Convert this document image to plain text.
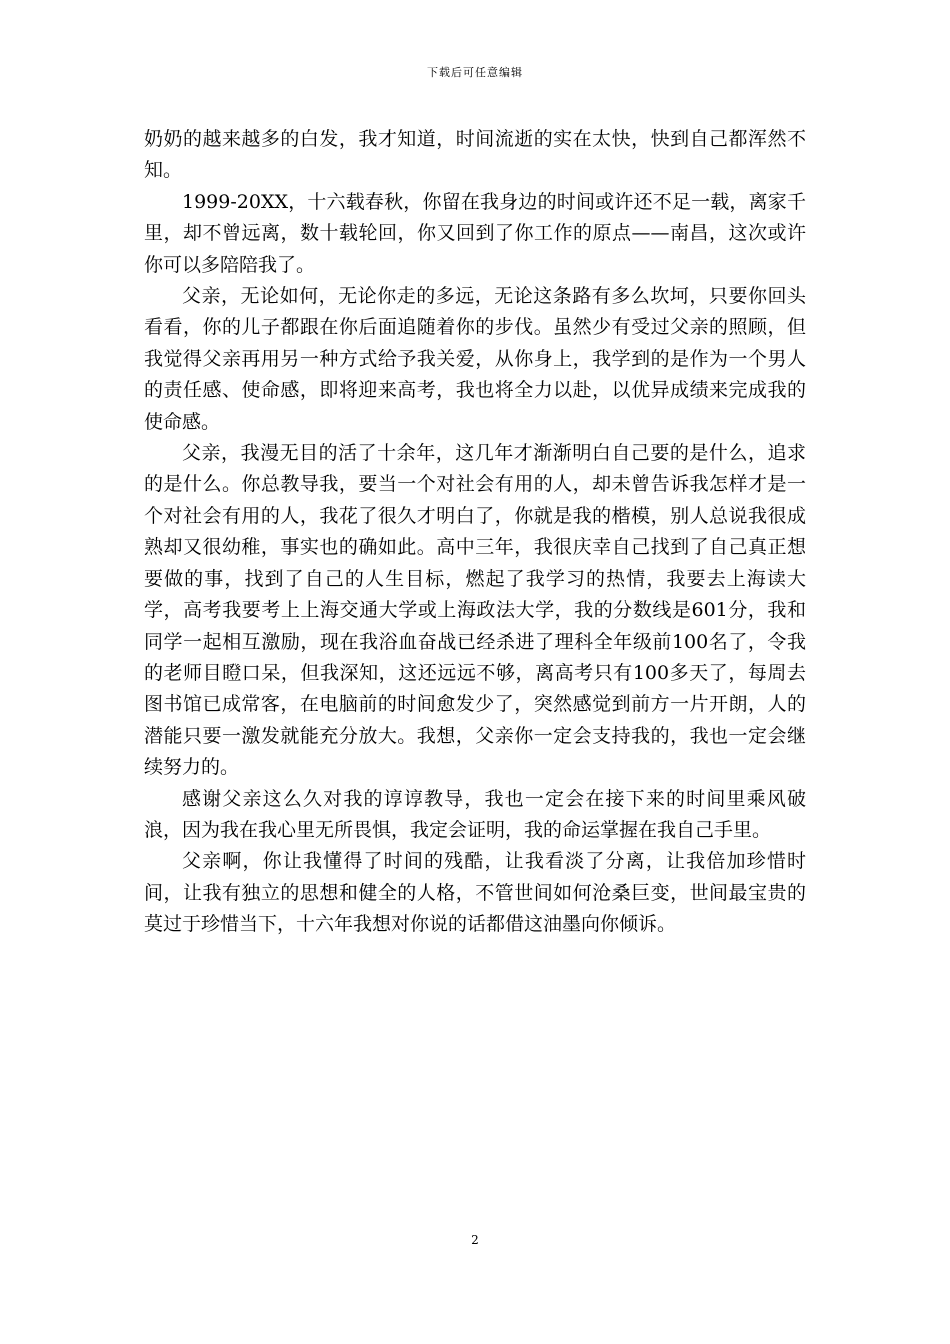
下载后可任意编辑

奶奶的越来越多的白发，我才知道，时间流逝的实在太快，快到自己都浑然不知。

1999-20XX，十六载春秋，你留在我身边的时间或许还不足一载，离家千里，却不曾远离，数十载轮回，你又回到了你工作的原点——南昌，这次或许你可以多陪陪我了。

父亲，无论如何，无论你走的多远，无论这条路有多么坎坷，只要你回头看看，你的儿子都跟在你后面追随着你的步伐。虽然少有受过父亲的照顾，但我觉得父亲再用另一种方式给予我关爱，从你身上，我学到的是作为一个男人的责任感、使命感，即将迎来高考，我也将全力以赴，以优异成绩来完成我的使命感。

父亲，我漫无目的活了十余年，这几年才渐渐明白自己要的是什么，追求的是什么。你总教导我，要当一个对社会有用的人，却未曾告诉我怎样才是一个对社会有用的人，我花了很久才明白了，你就是我的楷模，别人总说我很成熟却又很幼稚，事实也的确如此。高中三年，我很庆幸自己找到了自己真正想要做的事，找到了自己的人生目标，燃起了我学习的热情，我要去上海读大学，高考我要考上上海交通大学或上海政法大学，我的分数线是601分，我和同学一起相互激励，现在我浴血奋战已经杀进了理科全年级前100名了，令我的老师目瞪口呆，但我深知，这还远远不够，离高考只有100多天了，每周去图书馆已成常客，在电脑前的时间愈发少了，突然感觉到前方一片开朗，人的潜能只要一激发就能充分放大。我想，父亲你一定会支持我的，我也一定会继续努力的。

感谢父亲这么久对我的谆谆教导，我也一定会在接下来的时间里乘风破浪，因为我在我心里无所畏惧，我定会证明，我的命运掌握在我自己手里。

父亲啊，你让我懂得了时间的残酷，让我看淡了分离，让我倍加珍惜时间，让我有独立的思想和健全的人格，不管世间如何沧桑巨变，世间最宝贵的莫过于珍惜当下，十六年我想对你说的话都借这油墨向你倾诉。

2
